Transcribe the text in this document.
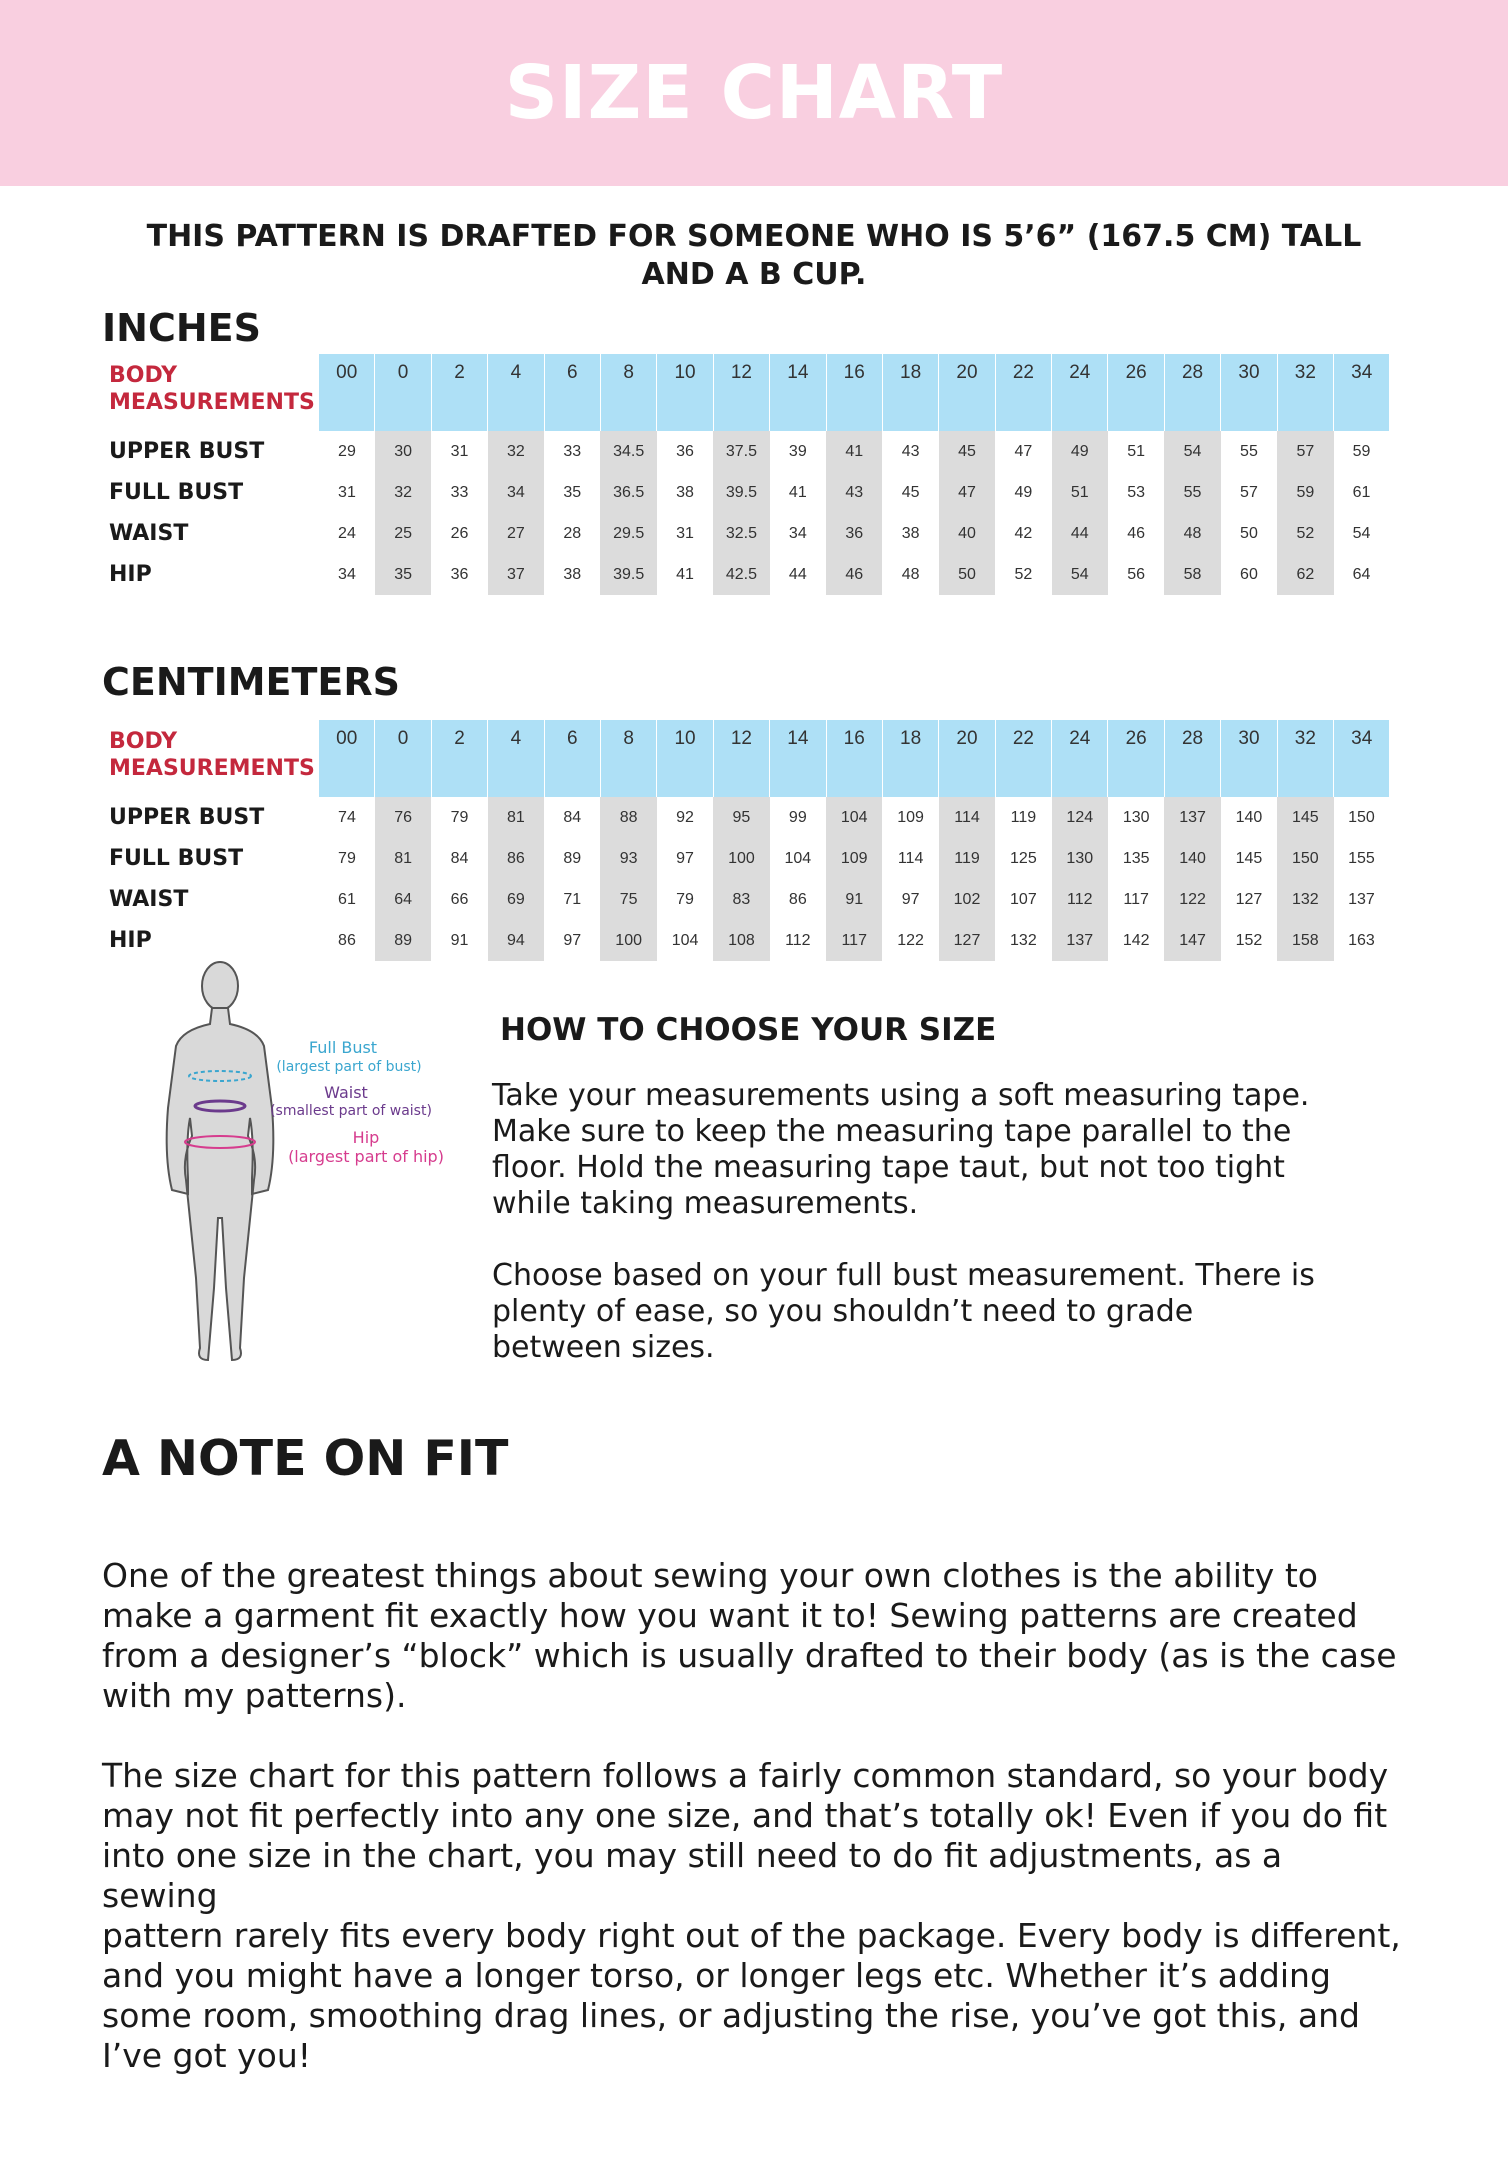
SIZE CHART
THIS PATTERN IS DRAFTED FOR SOMEONE WHO IS 5’6” (167.5 CM) TALL
AND A B CUP.
INCHES
BODY
MEASUREMENTS	00	0	2	4	6	8	10	12	14	16	18	20	22	24	26	28	30	32	34
UPPER BUST	29	30	31	32	33	34.5	36	37.5	39	41	43	45	47	49	51	54	55	57	59
FULL BUST	31	32	33	34	35	36.5	38	39.5	41	43	45	47	49	51	53	55	57	59	61
WAIST	24	25	26	27	28	29.5	31	32.5	34	36	38	40	42	44	46	48	50	52	54
HIP	34	35	36	37	38	39.5	41	42.5	44	46	48	50	52	54	56	58	60	62	64
CENTIMETERS
BODY
MEASUREMENTS	00	0	2	4	6	8	10	12	14	16	18	20	22	24	26	28	30	32	34
UPPER BUST	74	76	79	81	84	88	92	95	99	104	109	114	119	124	130	137	140	145	150
FULL BUST	79	81	84	86	89	93	97	100	104	109	114	119	125	130	135	140	145	150	155
WAIST	61	64	66	69	71	75	79	83	86	91	97	102	107	112	117	122	127	132	137
HIP	86	89	91	94	97	100	104	108	112	117	122	127	132	137	142	147	152	158	163
Full Bust
(largest part of bust)
Waist
(smallest part of waist)
Hip
(largest part of hip)
HOW TO CHOOSE YOUR SIZE

Take your measurements using a soft measuring tape.
Make sure to keep the measuring tape parallel to the
floor. Hold the measuring tape taut, but not too tight
while taking measurements.

Choose based on your full bust measurement. There is
plenty of ease, so you shouldn’t need to grade
between sizes.

A NOTE ON FIT

One of the greatest things about sewing your own clothes is the ability to
make a garment fit exactly how you want it to! Sewing patterns are created
from a designer’s “block” which is usually drafted to their body (as is the case
with my patterns).

The size chart for this pattern follows a fairly common standard, so your body
may not fit perfectly into any one size, and that’s totally ok! Even if you do fit
into one size in the chart, you may still need to do fit adjustments, as a sewing
pattern rarely fits every body right out of the package. Every body is different,
and you might have a longer torso, or longer legs etc. Whether it’s adding
some room, smoothing drag lines, or adjusting the rise, you’ve got this, and
I’ve got you!
